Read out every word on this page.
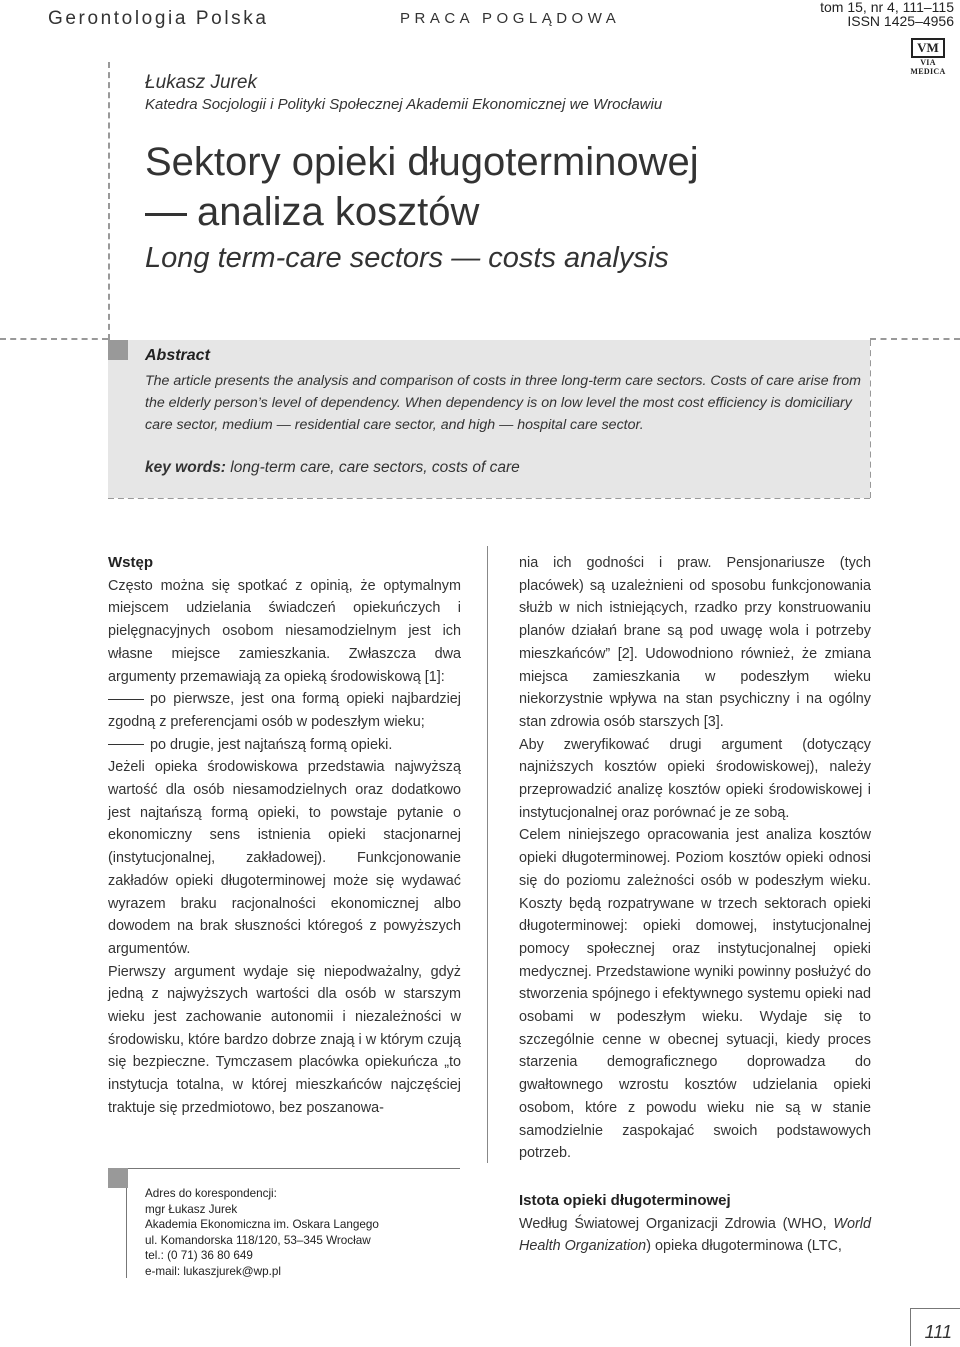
Gerontologia Polska	PRACA POGLĄDOWA
tom 15, nr 4, 111–115
ISSN 1425–4956
VM
VIA MEDICA
Łukasz Jurek
Katedra Socjologii i Polityki Społecznej Akademii Ekonomicznej we Wrocławiu
Sektory opieki długoterminowej
analiza kosztów
Long term-care sectors — costs analysis
Abstract
The article presents the analysis and comparison of costs in three long-term care sectors. Costs of care arise from the elderly person’s level of dependency. When dependency is on low level the most cost efficiency is domiciliary care sector, medium — residential care sector, and high — hospital care sector.
key words: long-term care, care sectors, costs of care

Wstęp

Często można się spotkać z opinią, że optymalnym miejscem udzielania świadczeń opiekuńczych i pielęgnacyjnych osobom niesamodzielnym jest ich własne miejsce zamieszkania. Zwłaszcza dwa argumenty przemawiają za opieką środowiskową [1]:

po pierwsze, jest ona formą opieki najbardziej zgodną z preferencjami osób w podeszłym wieku;

po drugie, jest najtańszą formą opieki.

Jeżeli opieka środowiskowa przedstawia najwyższą wartość dla osób niesamodzielnych oraz dodatkowo jest najtańszą formą opieki, to powstaje pytanie o ekonomiczny sens istnienia opieki stacjonarnej (instytucjonalnej, zakładowej). Funkcjonowanie zakładów opieki długoterminowej może się wydawać wyrazem braku racjonalności ekonomicznej albo dowodem na brak słuszności któregoś z powyższych argumentów.

Pierwszy argument wydaje się niepodważalny, gdyż jedną z najwyższych wartości dla osób w starszym wieku jest zachowanie autonomii i niezależności w środowisku, które bardzo dobrze znają i w którym czują się bezpieczne. Tymczasem placówka opiekuńcza „to instytucja totalna, w której mieszkańców najczęściej traktuje się przedmiotowo, bez poszanowa-

nia ich godności i praw. Pensjonariusze (tych placówek) są uzależnieni od sposobu funkcjonowania służb w nich istniejących, rzadko przy konstruowaniu planów działań brane są pod uwagę wola i potrzeby mieszkańców” [2]. Udowodniono również, że zmiana miejsca zamieszkania w podeszłym wieku niekorzystnie wpływa na stan psychiczny i na ogólny stan zdrowia osób starszych [3].

Aby zweryfikować drugi argument (dotyczący najniższych kosztów opieki środowiskowej), należy przeprowadzić analizę kosztów opieki środowiskowej i instytucjonalnej oraz porównać je ze sobą.

Celem niniejszego opracowania jest analiza kosztów opieki długoterminowej. Poziom kosztów opieki odnosi się do poziomu zależności osób w podeszłym wieku. Koszty będą rozpatrywane w trzech sektorach opieki długoterminowej: opieki domowej, instytucjonalnej pomocy społecznej oraz instytucjonalnej opieki medycznej. Przedstawione wyniki powinny posłużyć do stworzenia spójnego i efektywnego systemu opieki nad osobami w podeszłym wieku. Wydaje się to szczególnie cenne w obecnej sytuacji, kiedy proces starzenia demograficznego doprowadza do gwałtownego wzrostu kosztów udzielania opieki osobom, które z powodu wieku nie są w stanie samodzielnie zaspokajać swoich podstawowych potrzeb.

Istota opieki długoterminowej

Według Światowej Organizacji Zdrowia (WHO, World Health Organization) opieka długoterminowa (LTC,

Adres do korespondencji:
mgr Łukasz Jurek
Akademia Ekonomiczna im. Oskara Langego
ul. Komandorska 118/120, 53–345 Wrocław
tel.: (0 71) 36 80 649
e-mail: lukaszjurek@wp.pl
111
